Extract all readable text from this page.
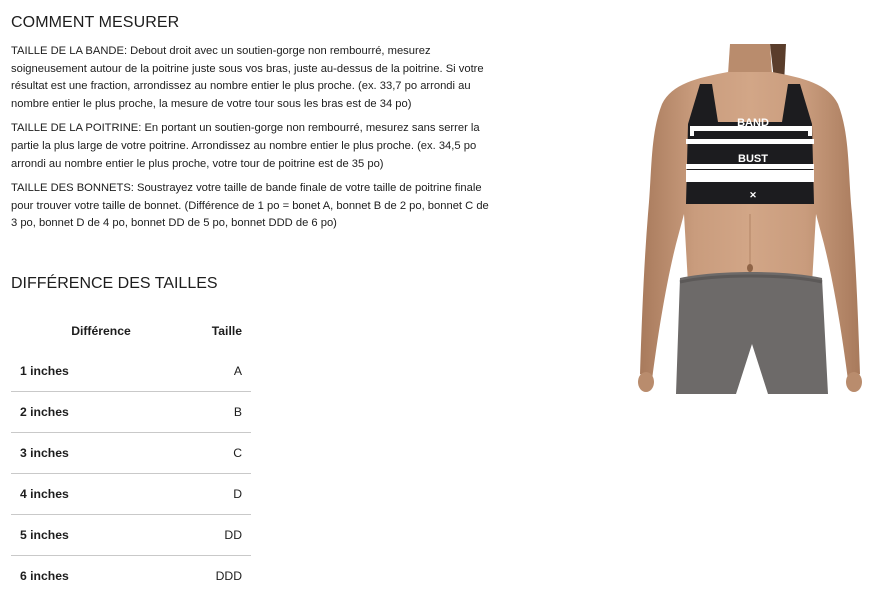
COMMENT MESURER

TAILLE DE LA BANDE: Debout droit avec un soutien-gorge non rembourré, mesurez soigneusement autour de la poitrine juste sous vos bras, juste au-dessus de la poitrine. Si votre résultat est une fraction, arrondissez au nombre entier le plus proche. (ex. 33,7 po arrondi au nombre entier le plus proche, la mesure de votre tour sous les bras est de 34 po)

TAILLE DE LA POITRINE: En portant un soutien-gorge non rembourré, mesurez sans serrer la partie la plus large de votre poitrine. Arrondissez au nombre entier le plus proche. (ex. 34,5 po arrondi au nombre entier le plus proche, votre tour de poitrine est de 35 po)

TAILLE DES BONNETS: Soustrayez votre taille de bande finale de votre taille de poitrine finale pour trouver votre taille de bonnet. (Différence de 1 po = bonet A, bonnet B de 2 po, bonnet C de 3 po, bonnet D de 4 po, bonnet DD de 5 po, bonnet DDD de 6 po)

DIFFÉRENCE DES TAILLES
Différence	Taille
1 inches	A
2 inches	B
3 inches	C
4 inches	D
5 inches	DD
6 inches	DDD
BAND
BUST
✕
